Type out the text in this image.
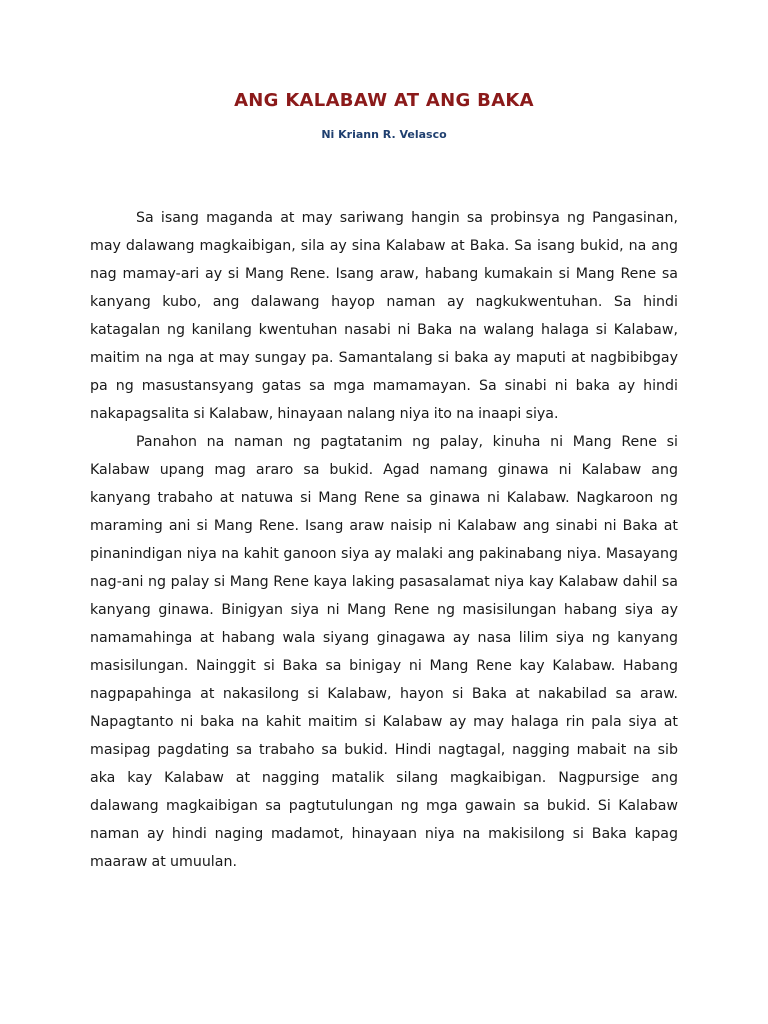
ANG KALABAW AT ANG BAKA
Ni Kriann R. Velasco

Sa isang maganda at may sariwang hangin sa probinsya ng Pangasinan, may dalawang magkaibigan, sila ay sina Kalabaw at Baka. Sa isang bukid, na ang nag mamay-ari ay si Mang Rene. Isang araw, habang kumakain si Mang Rene sa kanyang kubo, ang dalawang hayop naman ay nagkukwentuhan. Sa hindi katagalan ng kanilang kwentuhan nasabi ni Baka na walang halaga si Kalabaw, maitim na nga at may sungay pa. Samantalang si baka ay maputi at nagbibibgay pa ng masustansyang gatas sa mga mamamayan. Sa sinabi ni baka ay hindi nakapagsalita si Kalabaw, hinayaan nalang niya ito na inaapi siya.

Panahon na naman ng pagtatanim ng palay, kinuha ni Mang Rene si Kalabaw upang mag araro sa bukid. Agad namang ginawa ni Kalabaw ang kanyang trabaho at natuwa si Mang Rene sa ginawa ni Kalabaw. Nagkaroon ng maraming ani si Mang Rene. Isang araw naisip ni Kalabaw ang sinabi ni Baka at pinanindigan niya na kahit ganoon siya ay malaki ang pakinabang niya. Masayang nag-ani ng palay si Mang Rene kaya laking pasasalamat niya kay Kalabaw dahil sa kanyang ginawa. Binigyan siya ni Mang Rene ng masisilungan habang siya ay namamahinga at habang wala siyang ginagawa ay nasa lilim siya ng kanyang masisilungan. Nainggit si Baka sa binigay ni Mang Rene kay Kalabaw. Habang nagpapahinga at nakasilong si Kalabaw, hayon si Baka at nakabilad sa araw. Napagtanto ni baka na kahit maitim si Kalabaw ay may halaga rin pala siya at masipag pagdating sa trabaho sa bukid. Hindi nagtagal, nagging mabait na sib aka kay Kalabaw at nagging matalik silang magkaibigan. Nagpursige ang dalawang magkaibigan sa pagtutulungan ng mga gawain sa bukid. Si Kalabaw naman ay hindi naging madamot, hinayaan niya na makisilong si Baka kapag maaraw at umuulan.
